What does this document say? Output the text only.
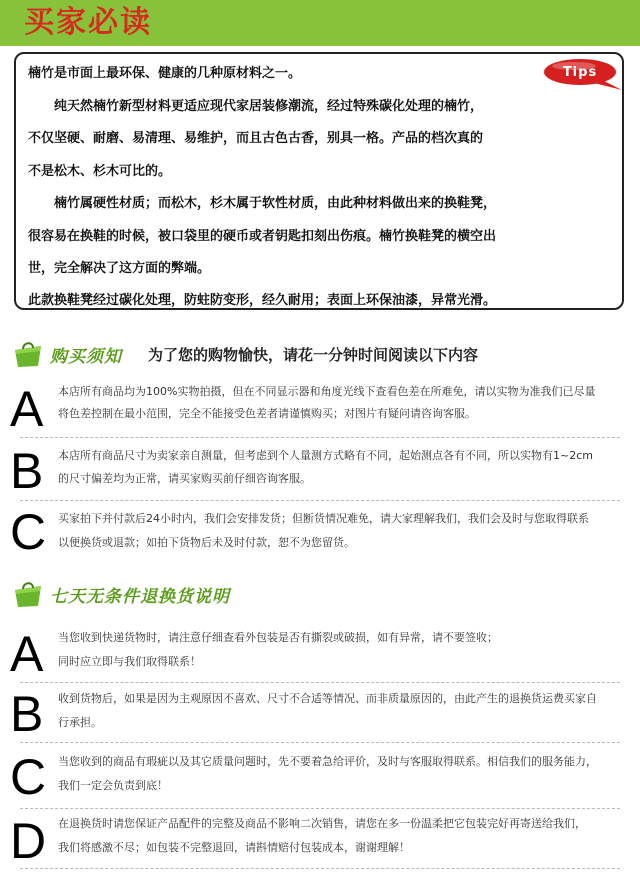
买家必读

楠竹是市面上最环保、健康的几种原材料之一。

　　纯天然楠竹新型材料更适应现代家居装修潮流，经过特殊碳化处理的楠竹，

不仅坚硬、耐磨、易清理、易维护，而且古色古香，别具一格。产品的档次真的

不是松木、杉木可比的。

　　楠竹属硬性材质；而松木，杉木属于软性材质，由此种材料做出来的换鞋凳，

很容易在换鞋的时候，被口袋里的硬币或者钥匙扣刻出伤痕。楠竹换鞋凳的横空出

世，完全解决了这方面的弊端。

此款换鞋凳经过碳化处理，防蛀防变形，经久耐用；表面上环保油漆，异常光滑。

Tips
购买须知 为了您的购物愉快，请花一分钟时间阅读以下内容
A 本店所有商品均为100%实物拍摄，但在不同显示器和角度光线下查看色差在所难免，请以实物为准我们已尽量
将色差控制在最小范围，完全不能接受色差者请谨慎购买；对图片有疑问请咨询客服。
B 本店所有商品尺寸为卖家亲自测量，但考虑到个人量测方式略有不同，起始测点各有不同，所以实物有1~2cm
的尺寸偏差均为正常，请买家购买前仔细咨询客服。
C 买家拍下并付款后24小时内，我们会安排发货；但断货情况难免，请大家理解我们，我们会及时与您取得联系
以便换货或退款；如拍下货物后未及时付款，恕不为您留货。
七天无条件退换货说明
A 当您收到快递货物时，请注意仔细查看外包装是否有撕裂或破损，如有异常，请不要签收；
同时应立即与我们取得联系！
B 收到货物后，如果是因为主观原因不喜欢、尺寸不合适等情况、而非质量原因的，由此产生的退换货运费买家自
行承担。
C 当您收到的商品有瑕疵以及其它质量问题时，先不要着急给评价，及时与客服取得联系。相信我们的服务能力，
我们一定会负责到底！
D 在退换货时请您保证产品配件的完整及商品不影响二次销售，请您在多一份温柔把它包装完好再寄送给我们，
我们将感激不尽；如包装不完整退回，请斟情赔付包装成本，谢谢理解！
